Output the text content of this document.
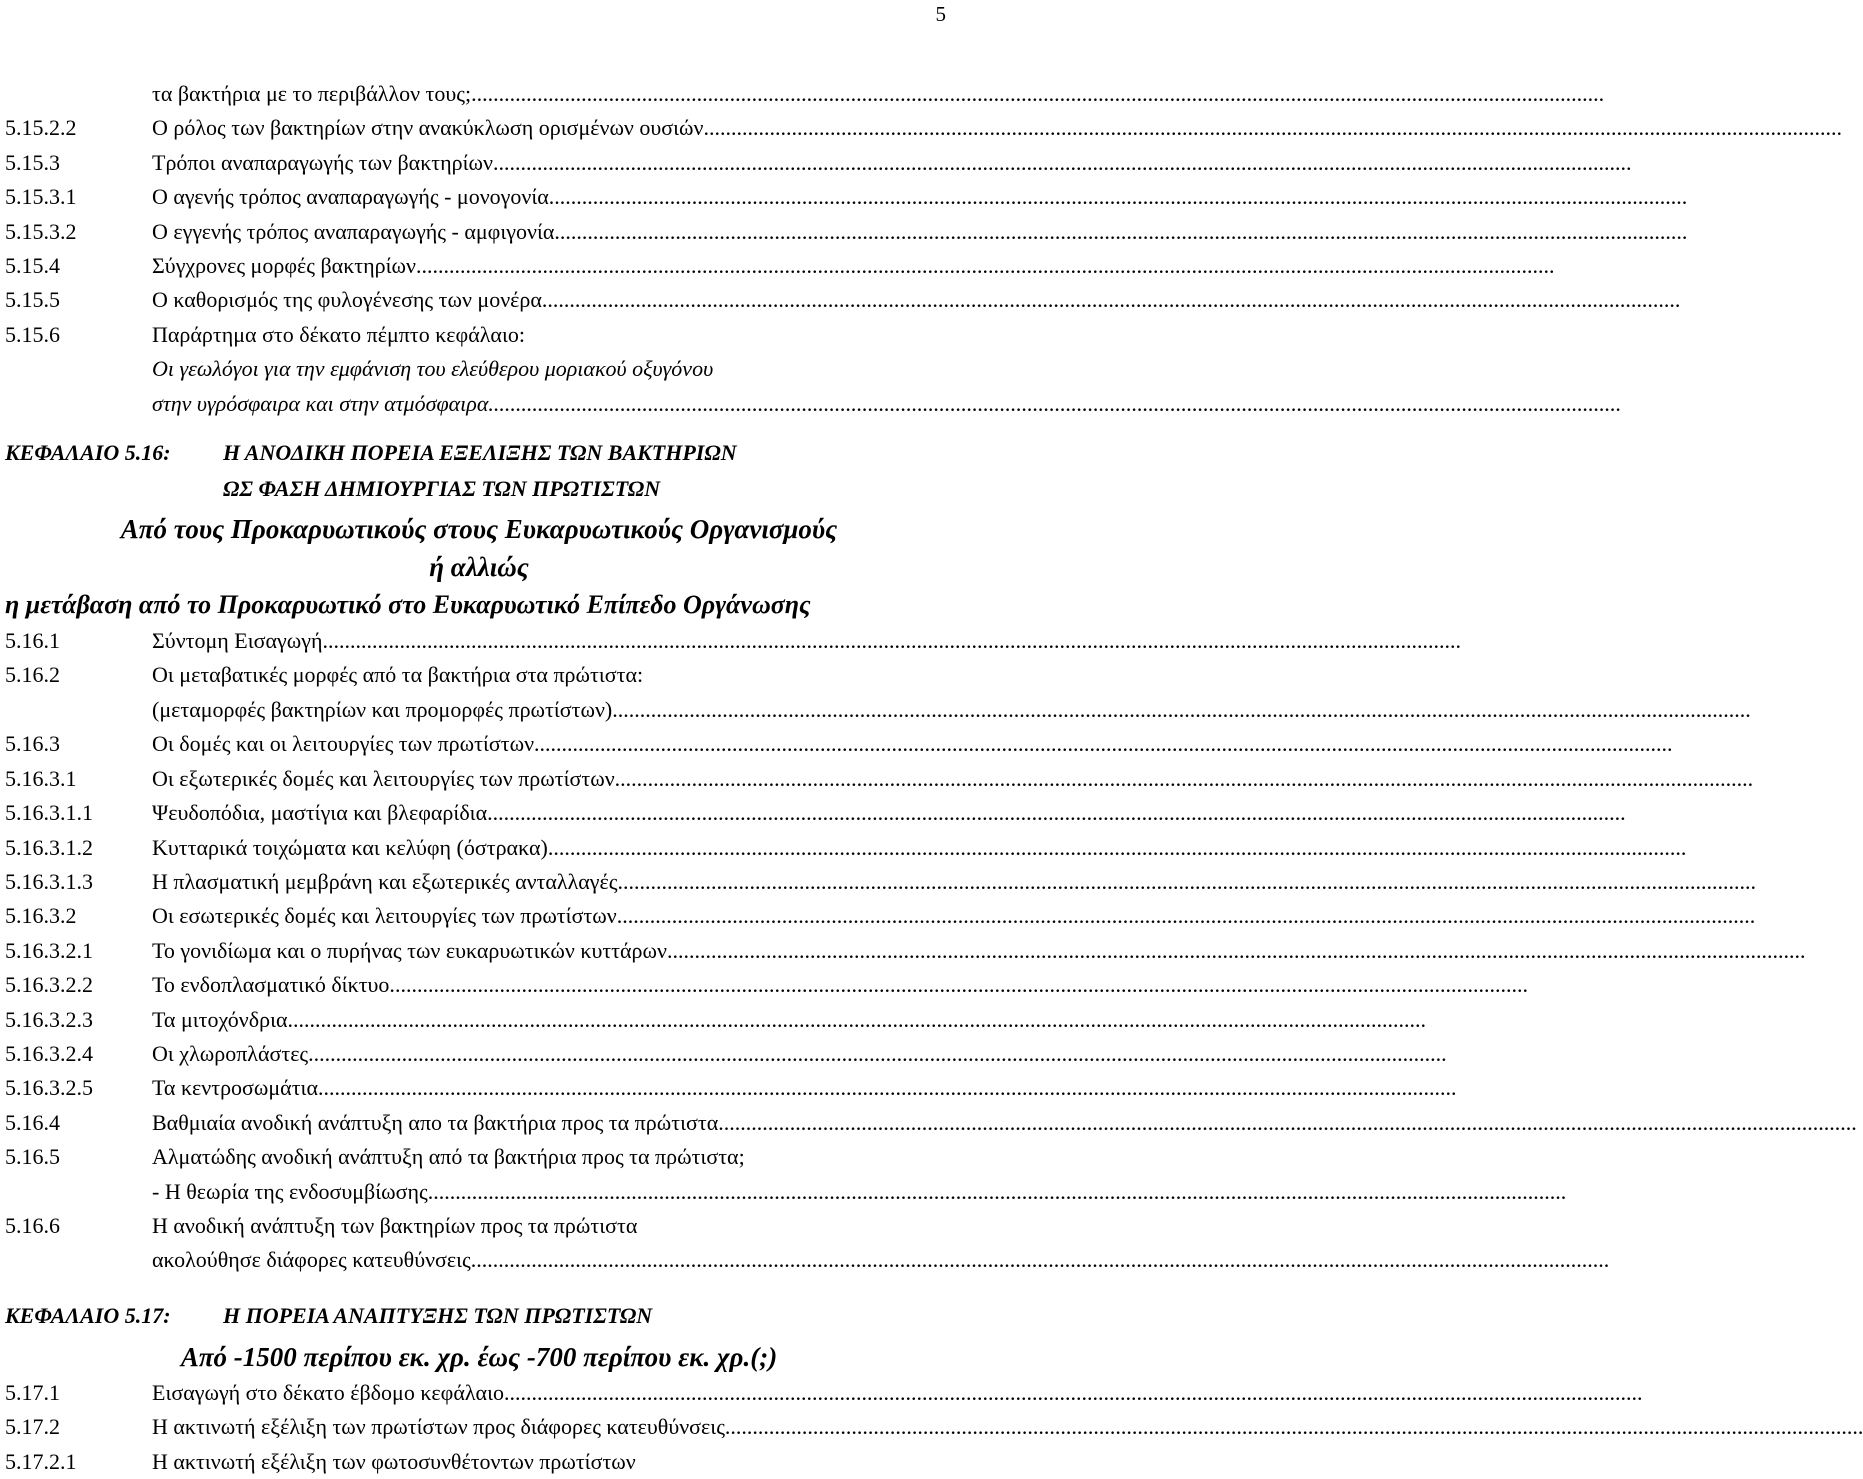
5
τα βακτήρια με το περιβάλλον τους;..............................................................................................................................................................................................................
5.15.2.2	Ο ρόλος των βακτηρίων στην ανακύκλωση ορισμένων ουσιών...............................................................................................................................................................................................................
5.15.3	Τρόποι αναπαραγωγής των βακτηρίων...............................................................................................................................................................................................................
5.15.3.1	Ο αγενής τρόπος αναπαραγωγής - μονογονία...............................................................................................................................................................................................................
5.15.3.2	Ο εγγενής τρόπος αναπαραγωγής - αμφιγονία..............................................................................................................................................................................................................
5.15.4	Σύγχρονες μορφές βακτηρίων...............................................................................................................................................................................................................
5.15.5	Ο καθορισμός της φυλογένεσης των μονέρα...............................................................................................................................................................................................................
5.15.6	Παράρτημα στο δέκατο πέμπτο κεφάλαιο:
Οι γεωλόγοι για την εμφάνιση του ελεύθερου μοριακού οξυγόνου
στην υγρόσφαιρα και στην ατμόσφαιρα..............................................................................................................................................................................................................
ΚΕΦΑΛΑΙΟ 5.16:	Η ΑΝΟΔΙΚΗ ΠΟΡΕΙΑ ΕΞΕΛΙΞΗΣ ΤΩΝ ΒΑΚΤΗΡΙΩΝ
ΩΣ ΦΑΣΗ ΔΗΜΙΟΥΡΓΙΑΣ ΤΩΝ ΠΡΩΤΙΣΤΩΝ
Από τους Προκαρυωτικούς στους Ευκαρυωτικούς Οργανισμούς
ή αλλιώς
η μετάβαση από το Προκαρυωτικό στο Ευκαρυωτικό Επίπεδο Οργάνωσης
5.16.1	Σύντομη Εισαγωγή...............................................................................................................................................................................................................
5.16.2	Οι μεταβατικές μορφές από τα βακτήρια στα πρώτιστα:
(μεταμορφές βακτηρίων και προμορφές πρωτίστων)...............................................................................................................................................................................................................
5.16.3	Οι δομές και οι λειτουργίες των πρωτίστων...............................................................................................................................................................................................................
5.16.3.1	Οι εξωτερικές δομές και λειτουργίες των πρωτίστων...............................................................................................................................................................................................................
5.16.3.1.1	Ψευδοπόδια, μαστίγια και βλεφαρίδια...............................................................................................................................................................................................................
5.16.3.1.2	Κυτταρικά τοιχώματα και κελύφη (όστρακα)...............................................................................................................................................................................................................
5.16.3.1.3	Η πλασματική μεμβράνη και εξωτερικές ανταλλαγές...............................................................................................................................................................................................................
5.16.3.2	Οι εσωτερικές δομές και λειτουργίες των πρωτίστων...............................................................................................................................................................................................................
5.16.3.2.1	Το γονιδίωμα και ο πυρήνας των ευκαρυωτικών κυττάρων...............................................................................................................................................................................................................
5.16.3.2.2	Το ενδοπλασματικό δίκτυο...............................................................................................................................................................................................................
5.16.3.2.3	Τα μιτοχόνδρια...............................................................................................................................................................................................................
5.16.3.2.4	Οι χλωροπλάστες...............................................................................................................................................................................................................
5.16.3.2.5	Τα κεντροσωμάτια...............................................................................................................................................................................................................
5.16.4	Βαθμιαία ανοδική ανάπτυξη απο τα βακτήρια προς τα πρώτιστα...............................................................................................................................................................................................................
5.16.5	Αλματώδης ανοδική ανάπτυξη από τα βακτήρια προς τα πρώτιστα;
- Η θεωρία της ενδοσυμβίωσης...............................................................................................................................................................................................................
5.16.6	Η ανοδική ανάπτυξη των βακτηρίων προς τα πρώτιστα
ακολούθησε διάφορες κατευθύνσεις...............................................................................................................................................................................................................
ΚΕΦΑΛΑΙΟ 5.17:	Η ΠΟΡΕΙΑ ΑΝΑΠΤΥΞΗΣ ΤΩΝ ΠΡΩΤΙΣΤΩΝ
Από -1500 περίπου εκ. χρ. έως -700 περίπου εκ. χρ.(;)
5.17.1	Εισαγωγή στο δέκατο έβδομο κεφάλαιο...............................................................................................................................................................................................................
5.17.2	Η ακτινωτή εξέλιξη των πρωτίστων προς διάφορες κατευθύνσεις...............................................................................................................................................................................................................
5.17.2.1	Η ακτινωτή εξέλιξη των φωτοσυνθέτοντων πρωτίστων
